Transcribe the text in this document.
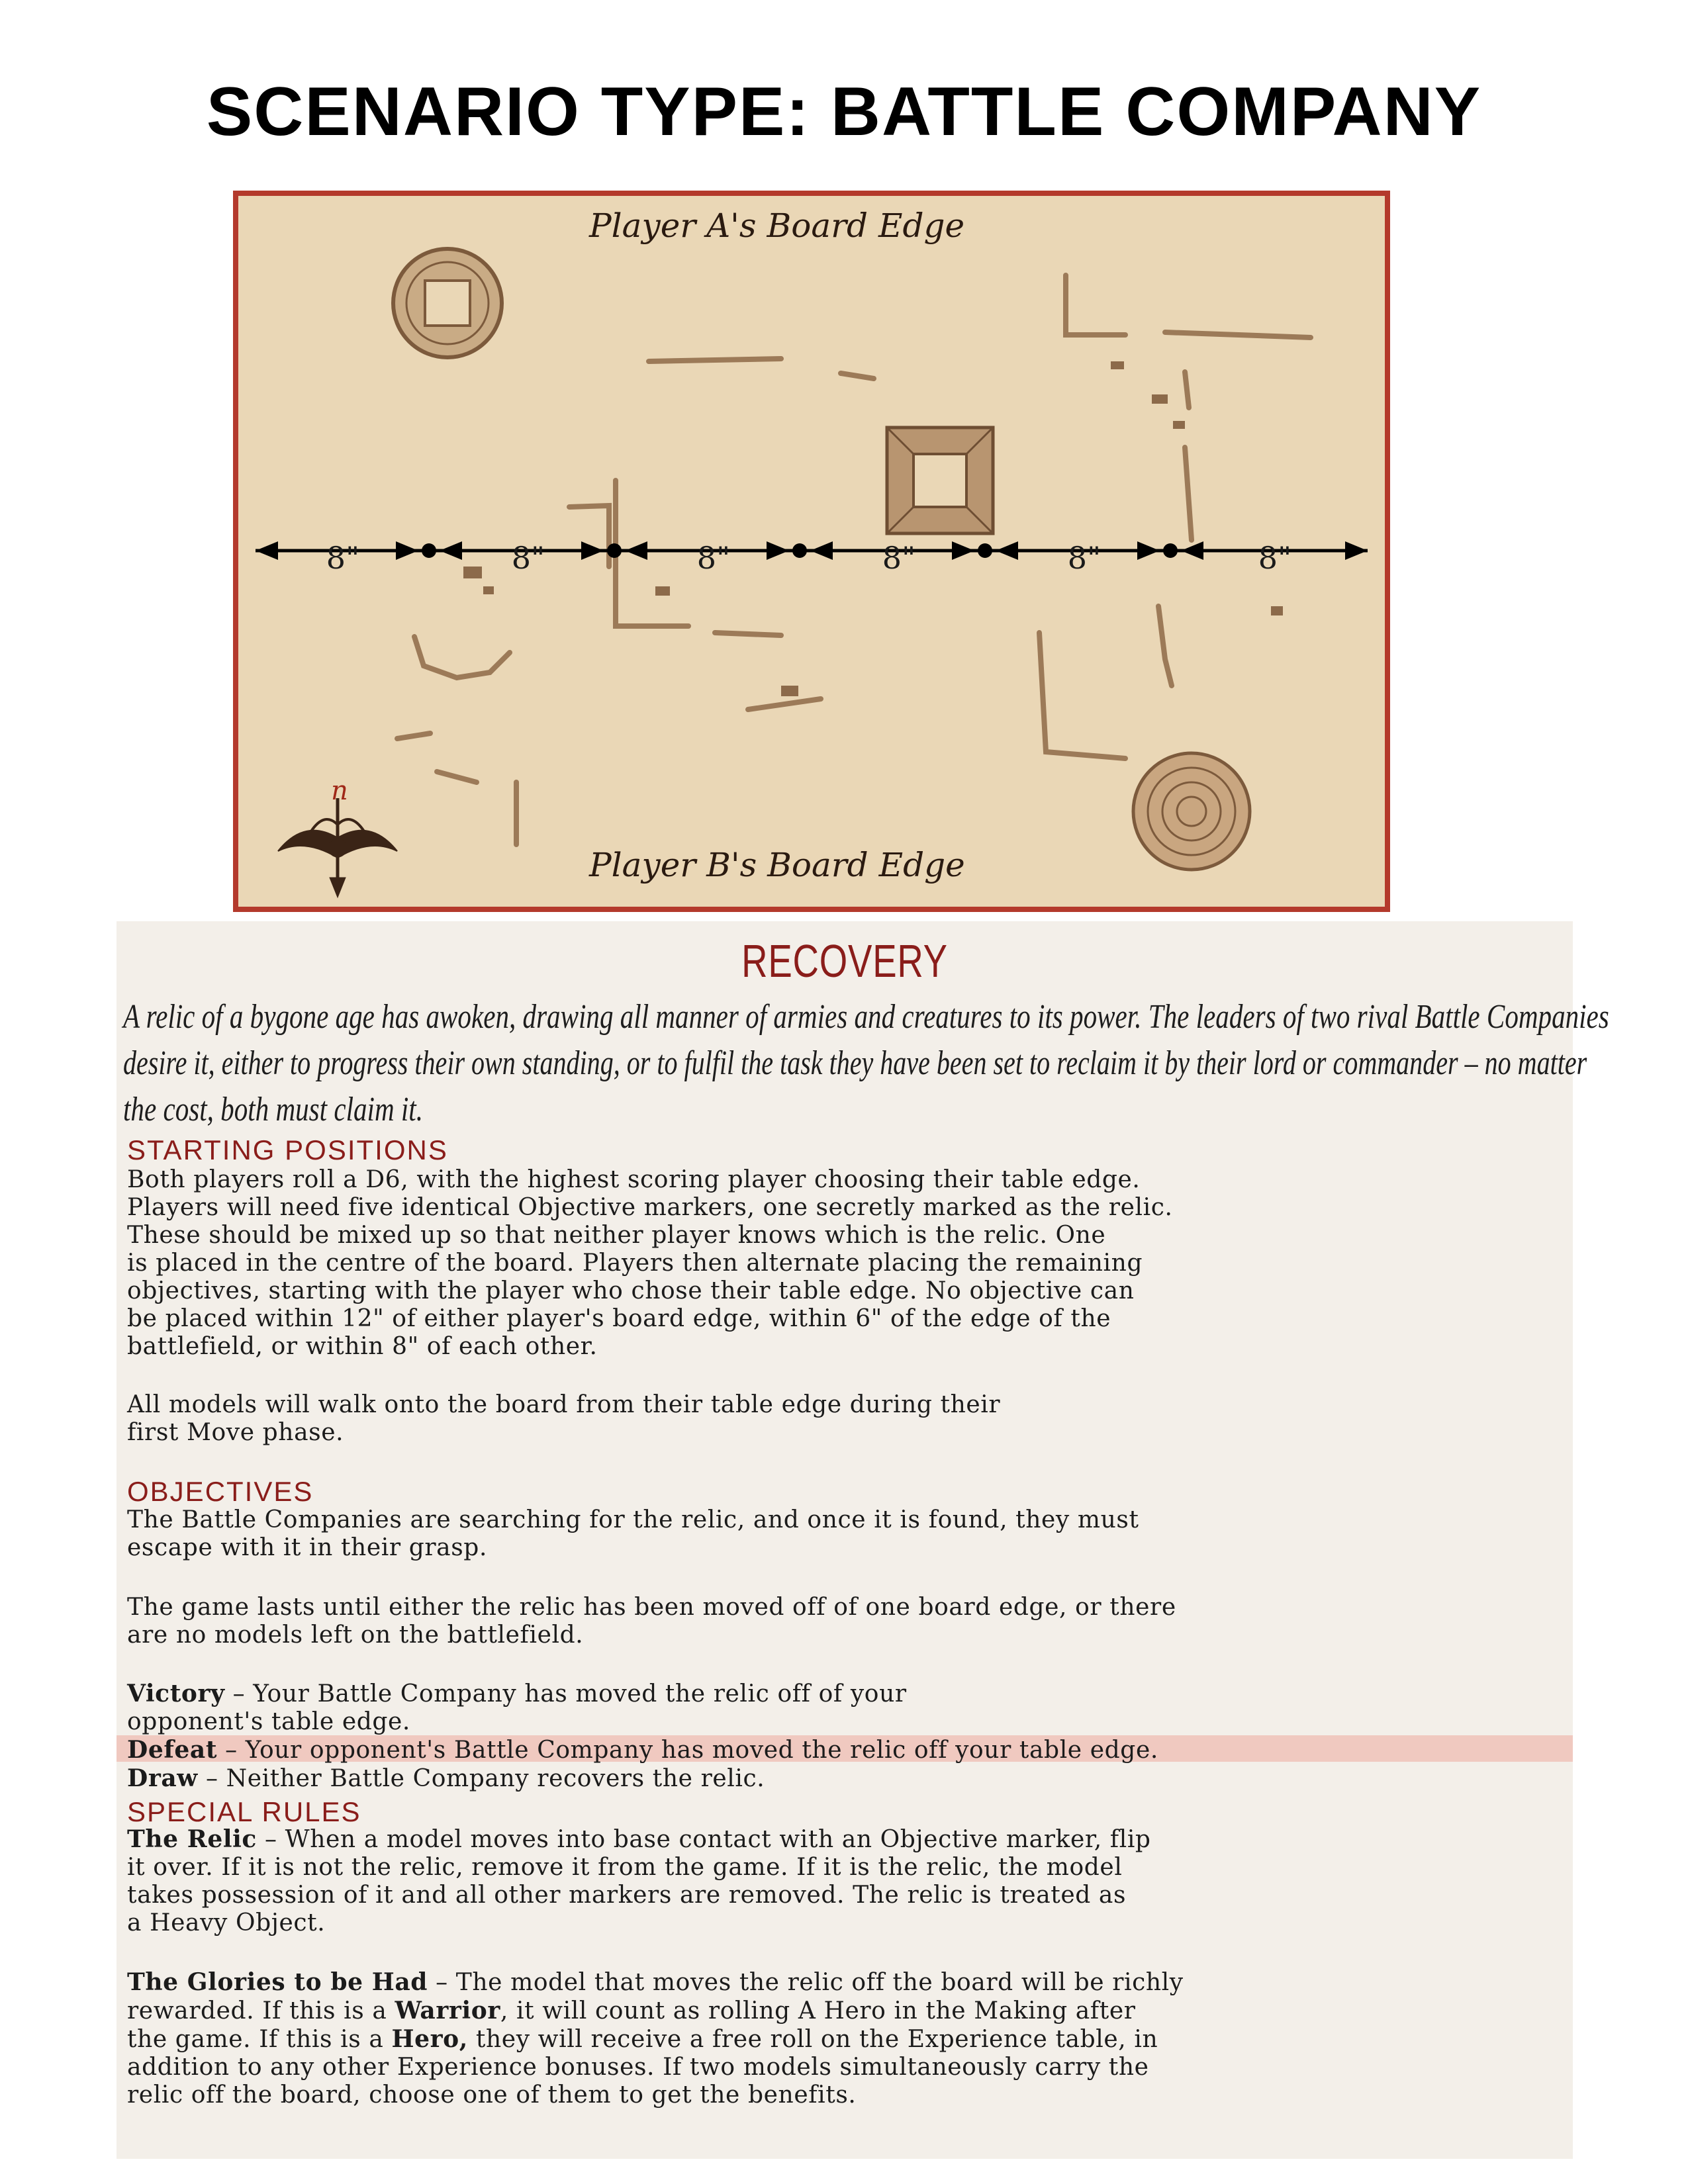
SCENARIO TYPE: BATTLE COMPANY
Player A's Board Edge
Player B's Board Edge
8"	8"	8"	8"	8"	8"
n
RECOVERY
A relic of a bygone age has awoken, drawing all manner of armies and creatures to its power. The leaders of two rival Battle Companies
desire it, either to progress their own standing, or to fulfil the task they have been set to reclaim it by their lord or commander – no matter
the cost, both must claim it.
STARTING POSITIONS
Both players roll a D6, with the highest scoring player choosing their table edge.
Players will need five identical Objective markers, one secretly marked as the relic.
These should be mixed up so that neither player knows which is the relic. One
is placed in the centre of the board. Players then alternate placing the remaining
objectives, starting with the player who chose their table edge. No objective can
be placed within 12" of either player's board edge, within 6" of the edge of the
battlefield, or within 8" of each other.
All models will walk onto the board from their table edge during their
first Move phase.
OBJECTIVES
The Battle Companies are searching for the relic, and once it is found, they must
escape with it in their grasp.
The game lasts until either the relic has been moved off of one board edge, or there
are no models left on the battlefield.
Victory – Your Battle Company has moved the relic off of your
opponent's table edge.
Defeat – Your opponent's Battle Company has moved the relic off your table edge.
Draw – Neither Battle Company recovers the relic.
SPECIAL RULES
The Relic – When a model moves into base contact with an Objective marker, flip
it over. If it is not the relic, remove it from the game. If it is the relic, the model
takes possession of it and all other markers are removed. The relic is treated as
a Heavy Object.
The Glories to be Had – The model that moves the relic off the board will be richly
rewarded. If this is a Warrior, it will count as rolling A Hero in the Making after
the game. If this is a Hero, they will receive a free roll on the Experience table, in
addition to any other Experience bonuses. If two models simultaneously carry the
relic off the board, choose one of them to get the benefits.
